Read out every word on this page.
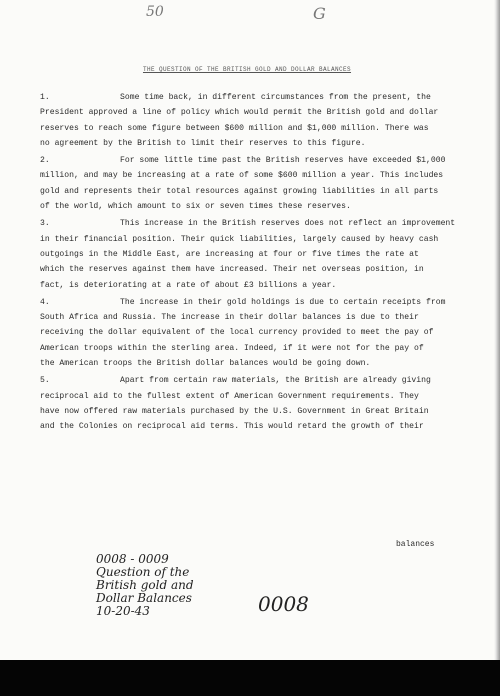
50	G
THE QUESTION OF THE BRITISH GOLD AND DOLLAR BALANCES
1.	Some time back, in different circumstances from the present, the
President approved a line of policy which would permit the British gold and dollar
reserves to reach some figure between $600 million and $1,000 million. There was
no agreement by the British to limit their reserves to this figure.
2.	For some little time past the British reserves have exceeded $1,000
million, and may be increasing at a rate of some $600 million a year. This includes
gold and represents their total resources against growing liabilities in all parts
of the world, which amount to six or seven times these reserves.
3.	This increase in the British reserves does not reflect an improvement
in their financial position. Their quick liabilities, largely caused by heavy cash
outgoings in the Middle East, are increasing at four or five times the rate at
which the reserves against them have increased. Their net overseas position, in
fact, is deteriorating at a rate of about £3 billions a year.
4.	The increase in their gold holdings is due to certain receipts from
South Africa and Russia. The increase in their dollar balances is due to their
receiving the dollar equivalent of the local currency provided to meet the pay of
American troops within the sterling area. Indeed, if it were not for the pay of
the American troops the British dollar balances would be going down.
5.	Apart from certain raw materials, the British are already giving
reciprocal aid to the fullest extent of American Government requirements. They
have now offered raw materials purchased by the U.S. Government in Great Britain
and the Colonies on reciprocal aid terms. This would retard the growth of their
balances
0008 - 0009
Question of the
British gold and
Dollar Balances
10-20-43	0008
